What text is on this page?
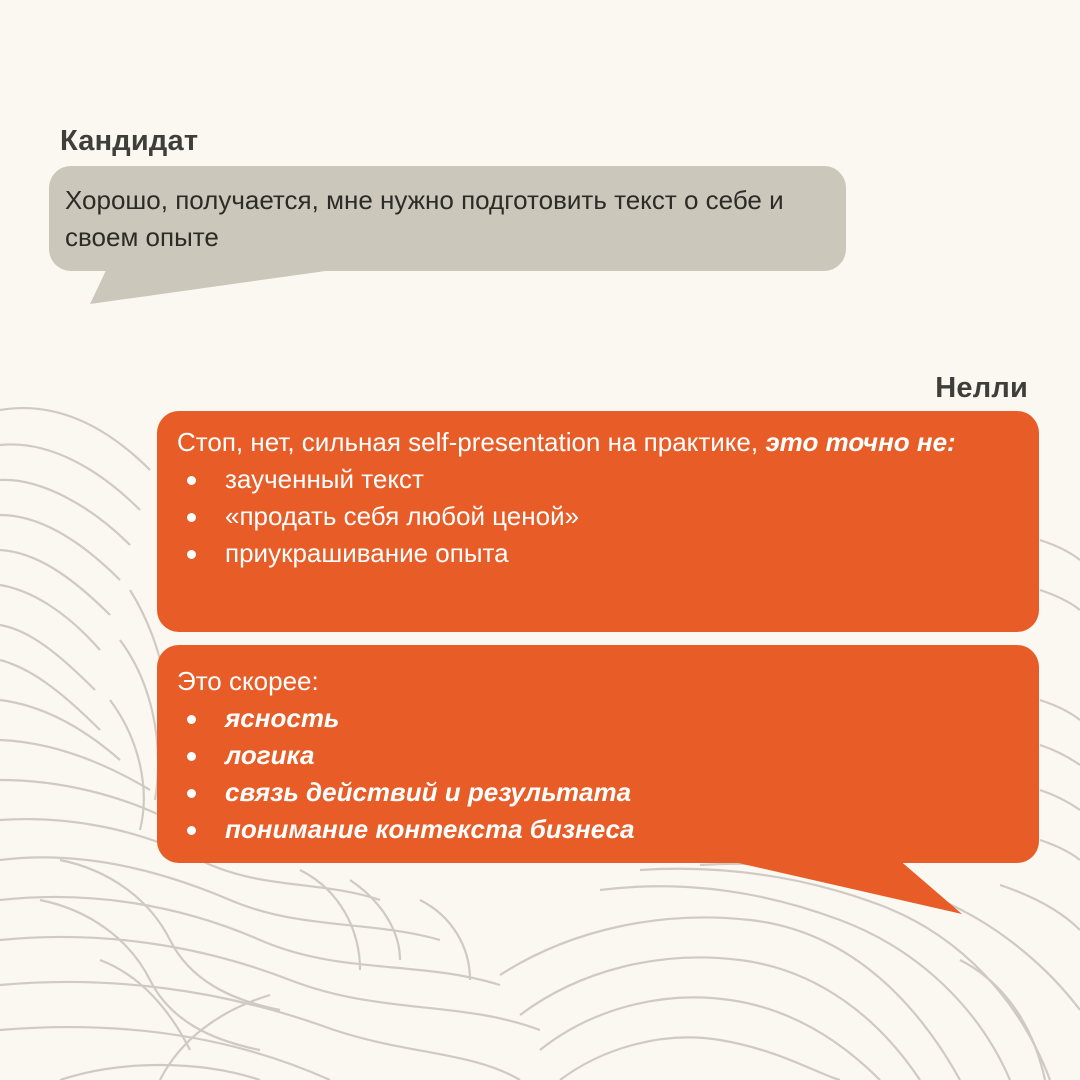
Кандидат
Хорошо, получается, мне нужно подготовить текст о себе и своем опыте
Нелли
Стоп, нет, сильная self-presentation на практике, это точно не:
заученный текст
«продать себя любой ценой»
приукрашивание опыта
Это скорее:
ясность
логика
связь действий и результата
понимание контекста бизнеса
